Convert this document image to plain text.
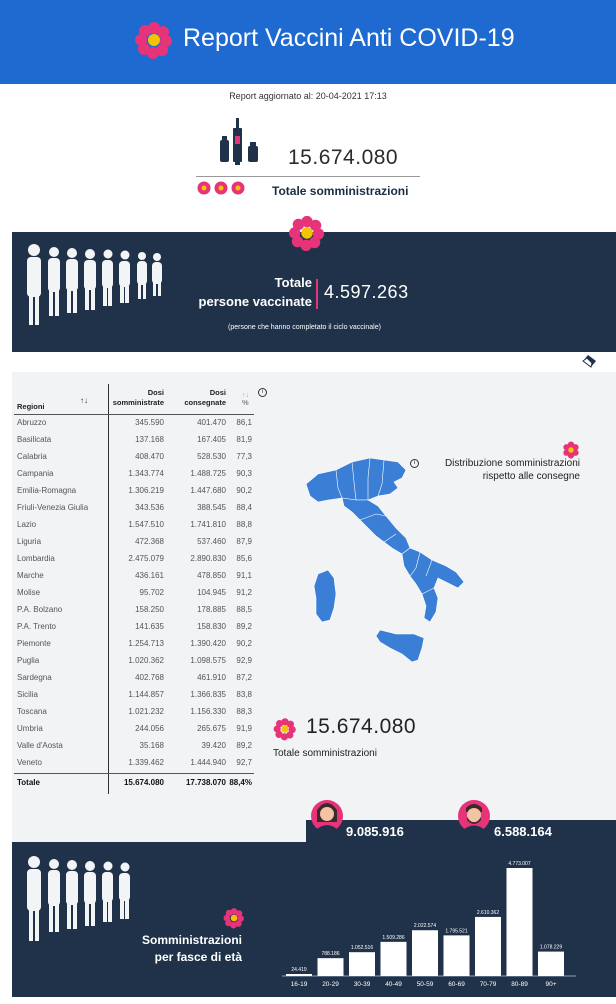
Report Vaccini Anti COVID-19
Report aggiornato al: 20-04-2021 17:13
15.674.080
Totale somministrazioni
Totale
persone vaccinate 4.597.263
(persone che hanno completato il ciclo vaccinale)
Regioni
↑↓
Dosi
somministrate
Dosi
consegnate
↑↓
%
Abruzzo	345.590	401.470	86,1
Basilicata	137.168	167.405	81,9
Calabria	408.470	528.530	77,3
Campania	1.343.774	1.488.725	90,3
Emilia-Romagna	1.306.219	1.447.680	90,2
Friuli-Venezia Giulia	343.536	388.545	88,4
Lazio	1.547.510	1.741.810	88,8
Liguria	472.368	537.460	87,9
Lombardia	2.475.079	2.890.830	85,6
Marche	436.161	478.850	91,1
Molise	95.702	104.945	91,2
P.A. Bolzano	158.250	178.885	88,5
P.A. Trento	141.635	158.830	89,2
Piemonte	1.254.713	1.390.420	90,2
Puglia	1.020.362	1.098.575	92,9
Sardegna	402.768	461.910	87,2
Sicilia	1.144.857	1.366.835	83,8
Toscana	1.021.232	1.156.330	88,3
Umbria	244.056	265.675	91,9
Valle d'Aosta	35.168	39.420	89,2
Veneto	1.339.462	1.444.940	92,7
Totale	15.674.080	17.738.070 88,4%
i
i	Distribuzione somministrazioni
rispetto alle consegne
15.674.080
Totale somministrazioni
9.085.916	6.588.164
Somministrazioni
per fasce di età
24.419
16-19
788.186
20-29
1.052.516
30-39
1.509.286
40-49
2.022.574
50-59
1.795.521
60-69
2.610.362
70-79
4.773.007
80-89
1.078.229
90+
